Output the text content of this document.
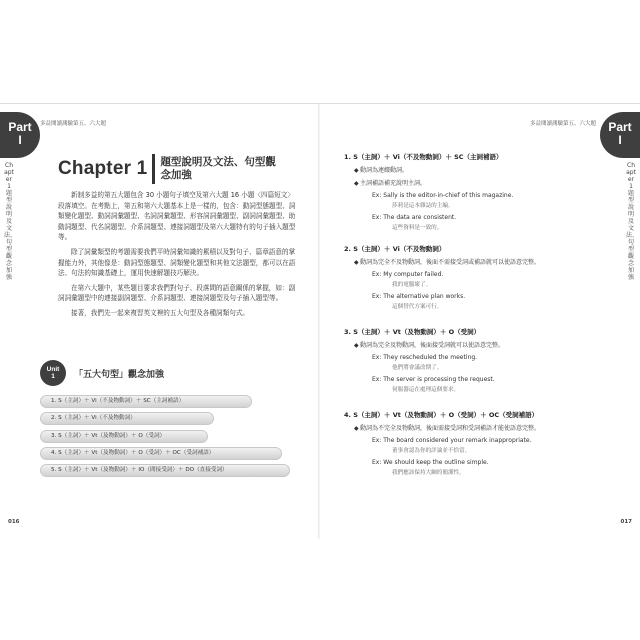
Part
I
Chapter 1 題型說明及文法、句型觀念加強
多益閱讀測驗第五、六大題
Chapter 1 題型說明及文法、句型觀念加強

新制多益的第五大題包含 30 小題句子填空及第六大題 16 小題〈四篇短文〉段落填空。在考點上，第五和第六大題基本上是一樣的，包含：動詞型態題型、詞類變化題型、動詞詞彙題型、名詞詞彙題型、形容詞詞彙題型、副詞詞彙題型、助動詞題型、代名詞題型、介系詞題型、連接詞題型及第六大題特有的句子插入題型等。

除了詞彙類型的考題需要我們平時詞彙知識的累積以及對句子、篇章語意的掌握能力外，其他像是：動詞型態題型、詞類變化題型和其他文法題型，都可以在語法、句法的知識基礎上，運用快速解題技巧解決。

在第六大題中，某些題目要求我們對句子、段落間的語意關係的掌握，如：副詞詞彙題型中的連接副詞題型、介系詞題型、連接詞題型及句子插入題型等。

接著，我們先一起來複習英文裡的五大句型及各種詞類句式。

Unit
1	「五大句型」觀念加強
1. S（主詞）＋ Vi（不及物動詞）＋ SC（主詞補語）
2. S（主詞）＋ Vi（不及物動詞）
3. S（主詞）＋ Vt（及物動詞）＋ O（受詞）
4. S（主詞）＋ Vt（及物動詞）＋ O（受詞）＋ OC（受詞補語）
5. S（主詞）＋ Vt（及物動詞）＋ IO（間接受詞）＋ DO（直接受詞）
016
多益閱讀測驗第五、六大題	Part
I
Chapter 1 題型說明及文法、句型觀念加強
017
1. S（主詞）＋ Vi（不及物動詞）＋ SC（主詞補語）
◆動詞為連綴動詞。
◆主詞補語補充說明主詞。
Ex: Sally is the editor-in-chief of this magazine.
莎莉是這本雜誌的主編。
Ex: The data are consistent.
這些資料是一致的。
2. S（主詞）＋ Vi（不及物動詞）
◆動詞為完全不及物動詞，後面不需接受詞或補語就可以使語意完整。
Ex: My computer failed.
我的電腦壞了。
Ex: The alternative plan works.
這個替代方案可行。
3. S（主詞）＋ Vt（及物動詞）＋ O（受詞）
◆動詞為完全及物動詞，後面接受詞就可以使語意完整。
Ex: They rescheduled the meeting.
他們將會議改期了。
Ex: The server is processing the request.
伺服器這在處理這個要求。
4. S（主詞）＋ Vt（及物動詞）＋ O（受詞）＋ OC（受詞補語）
◆動詞為不完全及物動詞，後面需接受詞和受詞補語才能使語意完整。
Ex: The board considered your remark inappropriate.
董事會認為你的評論並不恰當。
Ex: We should keep the outline simple.
我們應該保持大綱的簡潔性。
